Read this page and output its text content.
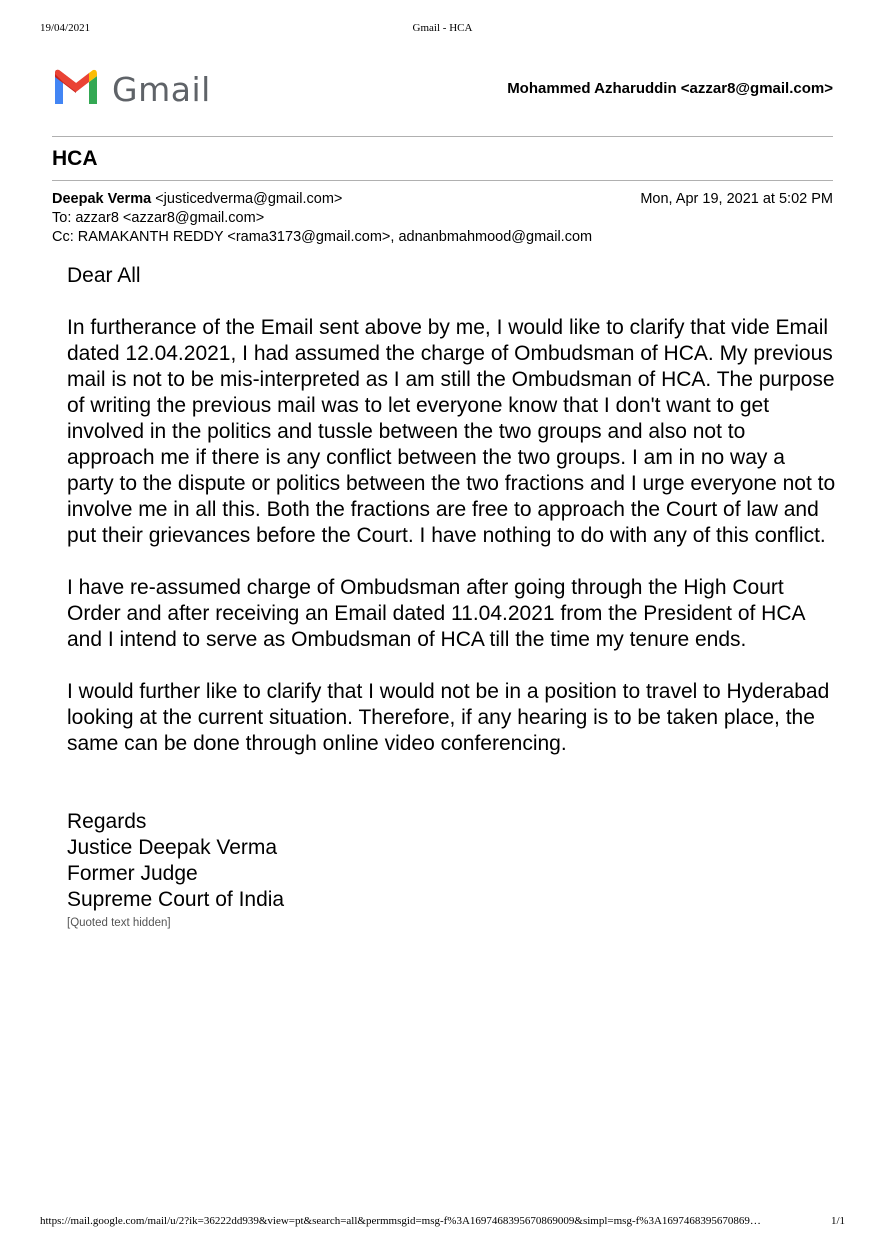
19/04/2021	Gmail - HCA
Gmail	Mohammed Azharuddin <azzar8@gmail.com>
HCA
Deepak Verma <justicedverma@gmail.com>	Mon, Apr 19, 2021 at 5:02 PM
To: azzar8 <azzar8@gmail.com>
Cc: RAMAKANTH REDDY <rama3173@gmail.com>, adnanbmahmood@gmail.com

Dear All

In furtherance of the Email sent above by me, I would like to clarify that vide Email dated 12.04.2021, I had assumed the charge of Ombudsman of HCA. My previous mail is not to be mis-interpreted as I am still the Ombudsman of HCA. The purpose of writing the previous mail was to let everyone know that I don't want to get involved in the politics and tussle between the two groups and also not to approach me if there is any conflict between the two groups. I am in no way a party to the dispute or politics between the two fractions and I urge everyone not to involve me in all this. Both the fractions are free to approach the Court of law and put their grievances before the Court. I have nothing to do with any of this conflict.

I have re-assumed charge of Ombudsman after going through the High Court Order and after receiving an Email dated 11.04.2021 from the President of HCA and I intend to serve as Ombudsman of HCA till the time my tenure ends.

I would further like to clarify that I would not be in a position to travel to Hyderabad looking at the current situation. Therefore, if any hearing is to be taken place, the same can be done through online video conferencing.

Regards
Justice Deepak Verma
Former Judge
Supreme Court of India
[Quoted text hidden]
https://mail.google.com/mail/u/2?ik=36222dd939&view=pt&search=all&permmsgid=msg-f%3A1697468395670869009&simpl=msg-f%3A1697468395670869…	1/1
